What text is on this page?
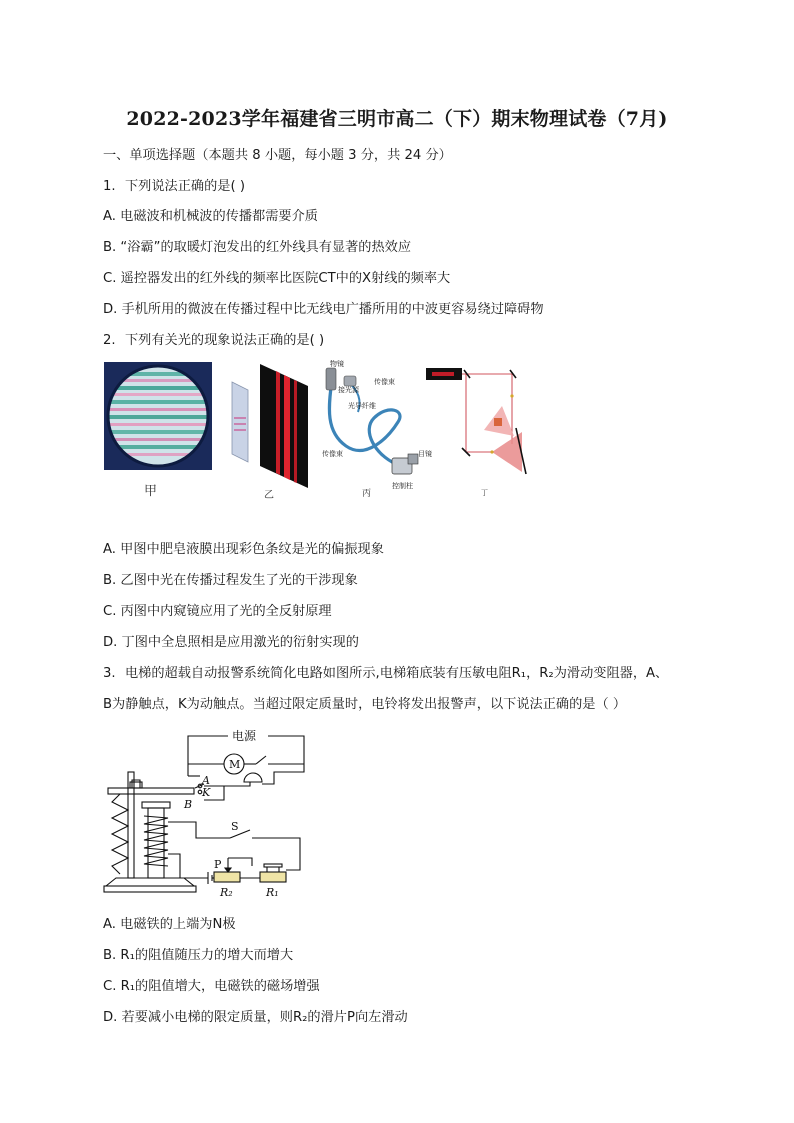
2022-2023学年福建省三明市高二（下）期末物理试卷（7月)
一、单项选择题（本题共 8 小题，每小题 3 分，共 24 分）
1. 下列说法正确的是( )
A. 电磁波和机械波的传播都需要介质
B. “浴霸”的取暖灯泡发出的红外线具有显著的热效应
C. 遥控器发出的红外线的频率比医院CT中的X射线的频率大
D. 手机所用的微波在传播过程中比无线电广播所用的中波更容易绕过障碍物
2. 下列有关光的现象说法正确的是( )
甲	乙
物镜
接光源
传像束
光导纤维
传像束	目镜
控制柱
丙	丁
A. 甲图中肥皂液膜出现彩色条纹是光的偏振现象
B. 乙图中光在传播过程发生了光的干涉现象
C. 丙图中内窥镜应用了光的全反射原理
D. 丁图中全息照相是应用激光的衍射实现的
3. 电梯的超载自动报警系统简化电路如图所示,电梯箱底装有压敏电阻R₁，R₂为滑动变阻器，A、
B为静触点，K为动触点。当超过限定质量时，电铃将发出报警声，以下说法正确的是（ ）
电源
M
A
K
B
S
P
R₂	R₁
A. 电磁铁的上端为N极
B. R₁的阻值随压力的增大而增大
C. R₁的阻值增大，电磁铁的磁场增强
D. 若要减小电梯的限定质量，则R₂的滑片P向左滑动
